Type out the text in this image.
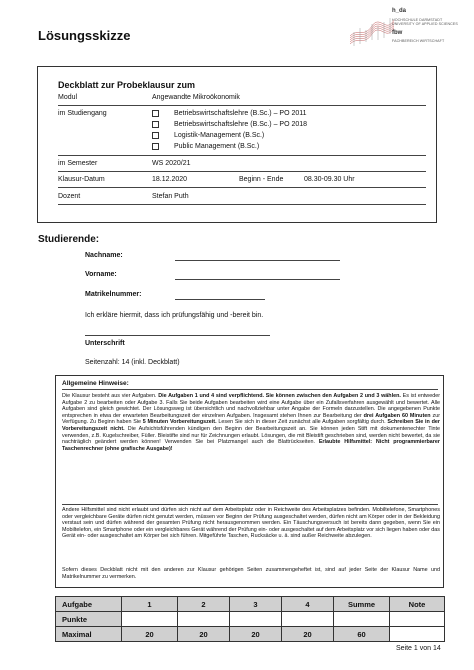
Lösungsskizze
h_da
HOCHSCHULE DARMSTADT
UNIVERSITY OF APPLIED SCIENCES
fbw
FACHBEREICH WIRTSCHAFT
Deckblatt zur Probeklausur zum
Modul	Angewandte Mikroökonomik
im Studiengang	Betriebswirtschaftslehre (B.Sc.) – PO 2011
Betriebswirtschaftslehre (B.Sc.) – PO 2018
Logistik-Management (B.Sc.)
Public Management (B.Sc.)
im Semester	WS 2020/21
Klausur-Datum	18.12.2020	Beginn - Ende	08.30-09.30 Uhr
Dozent	Stefan Puth
Studierende:
Nachname:
Vorname:
Matrikelnummer:
Ich erkläre hiermit, dass ich prüfungsfähig und -bereit bin.
Unterschrift
Seitenzahl: 14 (inkl. Deckblatt)
Allgemeine Hinweise:
Die Klausur besteht aus vier Aufgaben. Die Aufgaben 1 und 4 sind verpflichtend. Sie können zwischen den Aufgaben 2 und 3 wählen. Es ist entweder Aufgabe 2 zu bearbeiten oder Aufgabe 3. Falls Sie beide Aufgaben bearbeiten wird eine Aufgabe über ein Zufallsverfahren ausgewählt und bewertet. Alle Aufgaben sind gleich gewichtet. Der Lösungsweg ist übersichtlich und nachvollziehbar unter Angabe der Formeln darzustellen. Die angegebenen Punkte entsprechen in etwa der erwarteten Bearbeitungszeit der einzelnen Aufgaben. Insgesamt stehen Ihnen zur Bearbeitung der drei Aufgaben 60 Minuten zur Verfügung. Zu Beginn haben Sie 5 Minuten Vorbereitungszeit. Lesen Sie sich in dieser Zeit zunächst alle Aufgaben sorgfältig durch. Schreiben Sie in der Vorbereitungszeit nicht. Die Aufsichtsführenden kündigen den Beginn der Bearbeitungszeit an. Sie können jeden Stift mit dokumentenechter Tinte verwenden, z.B. Kugelschreiber, Füller. Bleistifte sind nur für Zeichnungen erlaubt. Lösungen, die mit Bleistift geschrieben sind, werden nicht bewertet, da sie nachträglich geändert werden können! Verwenden Sie bei Platzmangel auch die Blattrückseiten. Erlaubte Hilfsmittel: Nicht programmierbarer Taschenrechner (ohne grafische Ausgabe)!
Andere Hilfsmittel sind nicht erlaubt und dürfen sich nicht auf dem Arbeitsplatz oder in Reichweite des Arbeitsplatzes befinden. Mobiltelefone, Smartphones oder vergleichbare Geräte dürfen nicht genutzt werden, müssen vor Beginn der Prüfung ausgeschaltet werden, dürfen nicht am Körper oder in der Bekleidung verstaut sein und dürfen während der gesamten Prüfung nicht herausgenommen werden. Ein Täuschungsversuch ist bereits dann gegeben, wenn Sie ein Mobiltelefon, ein Smartphone oder ein vergleichbares Gerät während der Prüfung ein- oder ausgeschaltet auf dem Arbeitsplatz vor sich liegen haben oder das Gerät ein- oder ausgeschaltet am Körper bei sich führen. Mitgeführte Taschen, Rucksäcke u. ä. sind außer Reichweite abzulegen.
Sofern dieses Deckblatt nicht mit den anderen zur Klausur gehörigen Seiten zusammengeheftet ist, sind auf jeder Seite der Klausur Name und Matrikelnummer zu vermerken.
Aufgabe	1	2	3	4	Summe	Note
Punkte						
Maximal	20	20	20	20	60	
Seite 1 von 14
